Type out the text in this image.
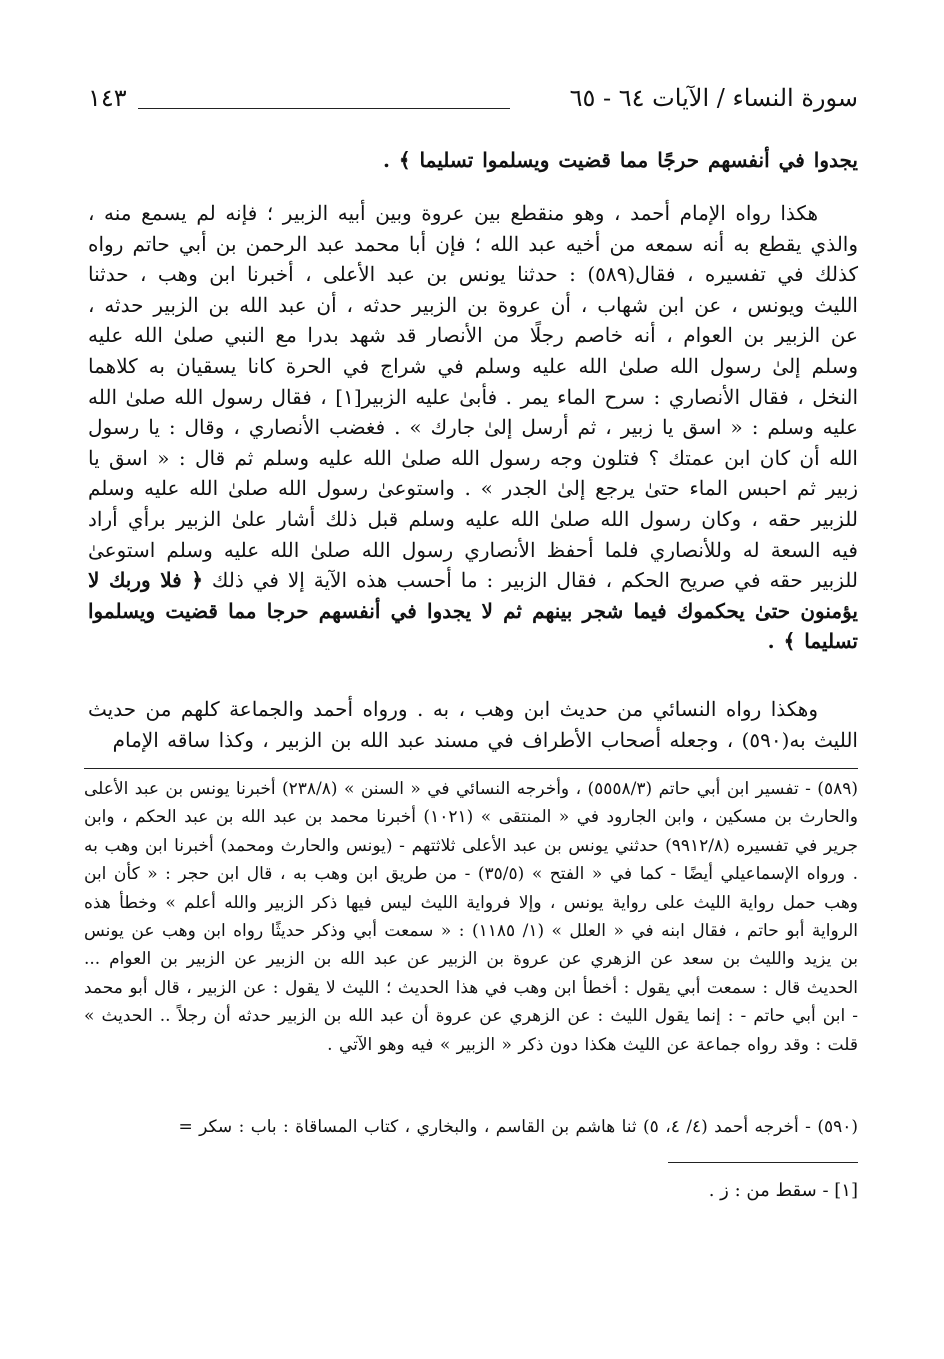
سورة النساء / الآيات ٦٤ - ٦٥
١٤٣

يجدوا في أنفسهم حرجًا مما قضيت ويسلموا تسليما ﴾ .

هكذا رواه الإمام أحمد ، وهو منقطع بين عروة وبين أبيه الزبير ؛ فإنه لم يسمع منه ، والذي يقطع به أنه سمعه من أخيه عبد الله ؛ فإن أبا محمد عبد الرحمن بن أبي حاتم رواه كذلك في تفسيره ، فقال(٥٨٩) : حدثنا يونس بن عبد الأعلى ، أخبرنا ابن وهب ، حدثنا الليث ويونس ، عن ابن شهاب ، أن عروة بن الزبير حدثه ، أن عبد الله بن الزبير حدثه ، عن الزبير بن العوام ، أنه خاصم رجلًا من الأنصار قد شهد بدرا مع النبي صلىٰ الله عليه وسلم إلىٰ رسول الله صلىٰ الله عليه وسلم في شراج في الحرة كانا يسقيان به كلاهما النخل ، فقال الأنصاري : سرح الماء يمر . فأبىٰ عليه الزبير[١] ، فقال رسول الله صلىٰ الله عليه وسلم : « اسق يا زبير ، ثم أرسل إلىٰ جارك » . فغضب الأنصاري ، وقال : يا رسول الله أن كان ابن عمتك ؟ فتلون وجه رسول الله صلىٰ الله عليه وسلم ثم قال : « اسق يا زبير ثم احبس الماء حتىٰ يرجع إلىٰ الجدر » . واستوعىٰ رسول الله صلىٰ الله عليه وسلم للزبير حقه ، وكان رسول الله صلىٰ الله عليه وسلم قبل ذلك أشار علىٰ الزبير برأي أراد فيه السعة له وللأنصاري فلما أحفظ الأنصاري رسول الله صلىٰ الله عليه وسلم استوعىٰ للزبير حقه في صريح الحكم ، فقال الزبير : ما أحسب هذه الآية إلا في ذلك ﴿ فلا وربك لا يؤمنون حتىٰ يحكموك فيما شجر بينهم ثم لا يجدوا في أنفسهم حرجا مما قضيت ويسلموا تسليما ﴾ .

وهكذا رواه النسائي من حديث ابن وهب ، به . ورواه أحمد والجماعة كلهم من حديث الليث به(٥٩٠) ، وجعله أصحاب الأطراف في مسند عبد الله بن الزبير ، وكذا ساقه الإمام

(٥٨٩) - تفسير ابن أبي حاتم (٥٥٥٨/٣) ، وأخرجه النسائي في « السنن » (٢٣٨/٨) أخبرنا يونس بن عبد الأعلى والحارث بن مسكين ، وابن الجارود في « المنتقى » (١٠٢١) أخبرنا محمد بن عبد الله بن عبد الحكم ، وابن جرير في تفسيره (٩٩١٢/٨) حدثني يونس بن عبد الأعلى ثلاثتهم - (يونس والحارث ومحمد) أخبرنا ابن وهب به . ورواه الإسماعيلي أيضًا - كما في « الفتح » (٣٥/٥) - من طريق ابن وهب به ، قال ابن حجر : « كأن ابن وهب حمل رواية الليث على رواية يونس ، وإلا فرواية الليث ليس فيها ذكر الزبير والله أعلم » وخطأ هذه الرواية أبو حاتم ، فقال ابنه في « العلل » (١/ ١١٨٥) : « سمعت أبي وذكر حديثًا رواه ابن وهب عن يونس بن يزيد والليث بن سعد عن الزهري عن عروة بن الزبير عن عبد الله بن الزبير عن الزبير بن العوام ... الحديث قال : سمعت أبي يقول : أخطأ ابن وهب في هذا الحديث ؛ الليث لا يقول : عن الزبير ، قال أبو محمد - ابن أبي حاتم - : إنما يقول الليث : عن الزهري عن عروة أن عبد الله بن الزبير حدثه أن رجلاً .. الحديث » قلت : وقد رواه جماعة عن الليث هكذا دون ذكر « الزبير » فيه وهو الآتي .

(٥٩٠) - أخرجه أحمد (٤/ ٤، ٥) ثنا هاشم بن القاسم ، والبخاري ، كتاب المساقاة : باب : سكر =

[١] - سقط من : ز .
